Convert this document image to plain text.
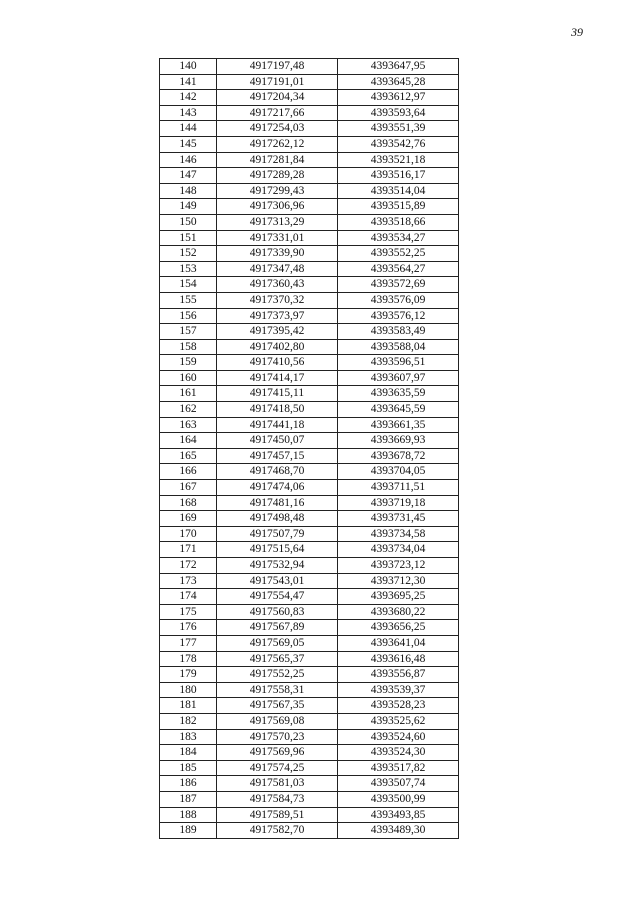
39
140	4917197,48	4393647,95
141	4917191,01	4393645,28
142	4917204,34	4393612,97
143	4917217,66	4393593,64
144	4917254,03	4393551,39
145	4917262,12	4393542,76
146	4917281,84	4393521,18
147	4917289,28	4393516,17
148	4917299,43	4393514,04
149	4917306,96	4393515,89
150	4917313,29	4393518,66
151	4917331,01	4393534,27
152	4917339,90	4393552,25
153	4917347,48	4393564,27
154	4917360,43	4393572,69
155	4917370,32	4393576,09
156	4917373,97	4393576,12
157	4917395,42	4393583,49
158	4917402,80	4393588,04
159	4917410,56	4393596,51
160	4917414,17	4393607,97
161	4917415,11	4393635,59
162	4917418,50	4393645,59
163	4917441,18	4393661,35
164	4917450,07	4393669,93
165	4917457,15	4393678,72
166	4917468,70	4393704,05
167	4917474,06	4393711,51
168	4917481,16	4393719,18
169	4917498,48	4393731,45
170	4917507,79	4393734,58
171	4917515,64	4393734,04
172	4917532,94	4393723,12
173	4917543,01	4393712,30
174	4917554,47	4393695,25
175	4917560,83	4393680,22
176	4917567,89	4393656,25
177	4917569,05	4393641,04
178	4917565,37	4393616,48
179	4917552,25	4393556,87
180	4917558,31	4393539,37
181	4917567,35	4393528,23
182	4917569,08	4393525,62
183	4917570,23	4393524,60
184	4917569,96	4393524,30
185	4917574,25	4393517,82
186	4917581,03	4393507,74
187	4917584,73	4393500,99
188	4917589,51	4393493,85
189	4917582,70	4393489,30
